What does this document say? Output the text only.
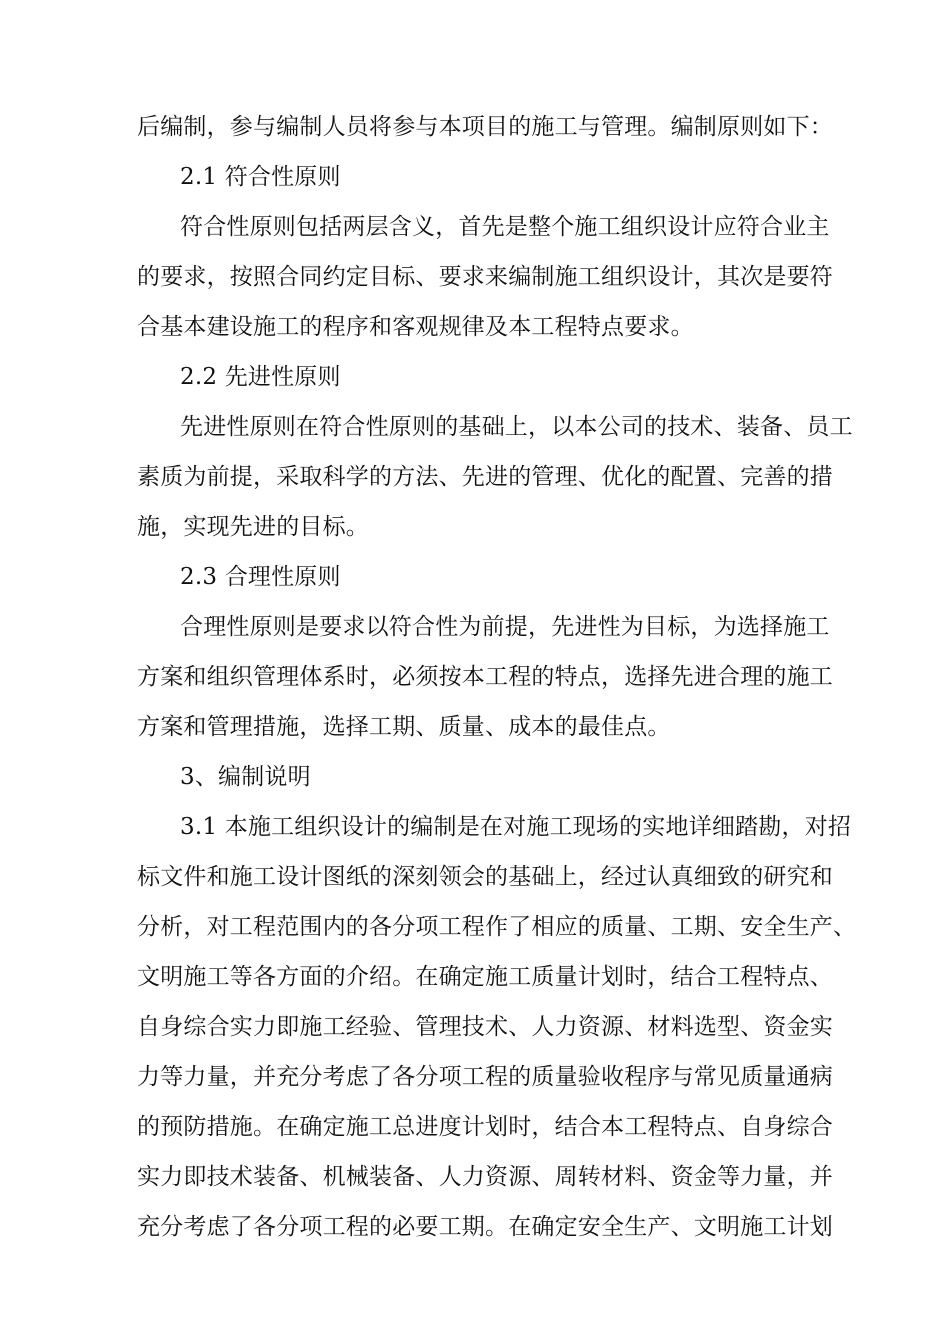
后编制，参与编制人员将参与本项目的施工与管理。编制原则如下：
2.1 符合性原则
符合性原则包括两层含义，首先是整个施工组织设计应符合业主
的要求，按照合同约定目标、要求来编制施工组织设计，其次是要符
合基本建设施工的程序和客观规律及本工程特点要求。
2.2 先进性原则
先进性原则在符合性原则的基础上，以本公司的技术、装备、员工
素质为前提，采取科学的方法、先进的管理、优化的配置、完善的措
施，实现先进的目标。
2.3 合理性原则
合理性原则是要求以符合性为前提，先进性为目标，为选择施工
方案和组织管理体系时，必须按本工程的特点，选择先进合理的施工
方案和管理措施，选择工期、质量、成本的最佳点。
3、编制说明
3.1 本施工组织设计的编制是在对施工现场的实地详细踏勘，对招
标文件和施工设计图纸的深刻领会的基础上，经过认真细致的研究和
分析，对工程范围内的各分项工程作了相应的质量、工期、安全生产、
文明施工等各方面的介绍。在确定施工质量计划时，结合工程特点、
自身综合实力即施工经验、管理技术、人力资源、材料选型、资金实
力等力量，并充分考虑了各分项工程的质量验收程序与常见质量通病
的预防措施。在确定施工总进度计划时，结合本工程特点、自身综合
实力即技术装备、机械装备、人力资源、周转材料、资金等力量，并
充分考虑了各分项工程的必要工期。在确定安全生产、文明施工计划
